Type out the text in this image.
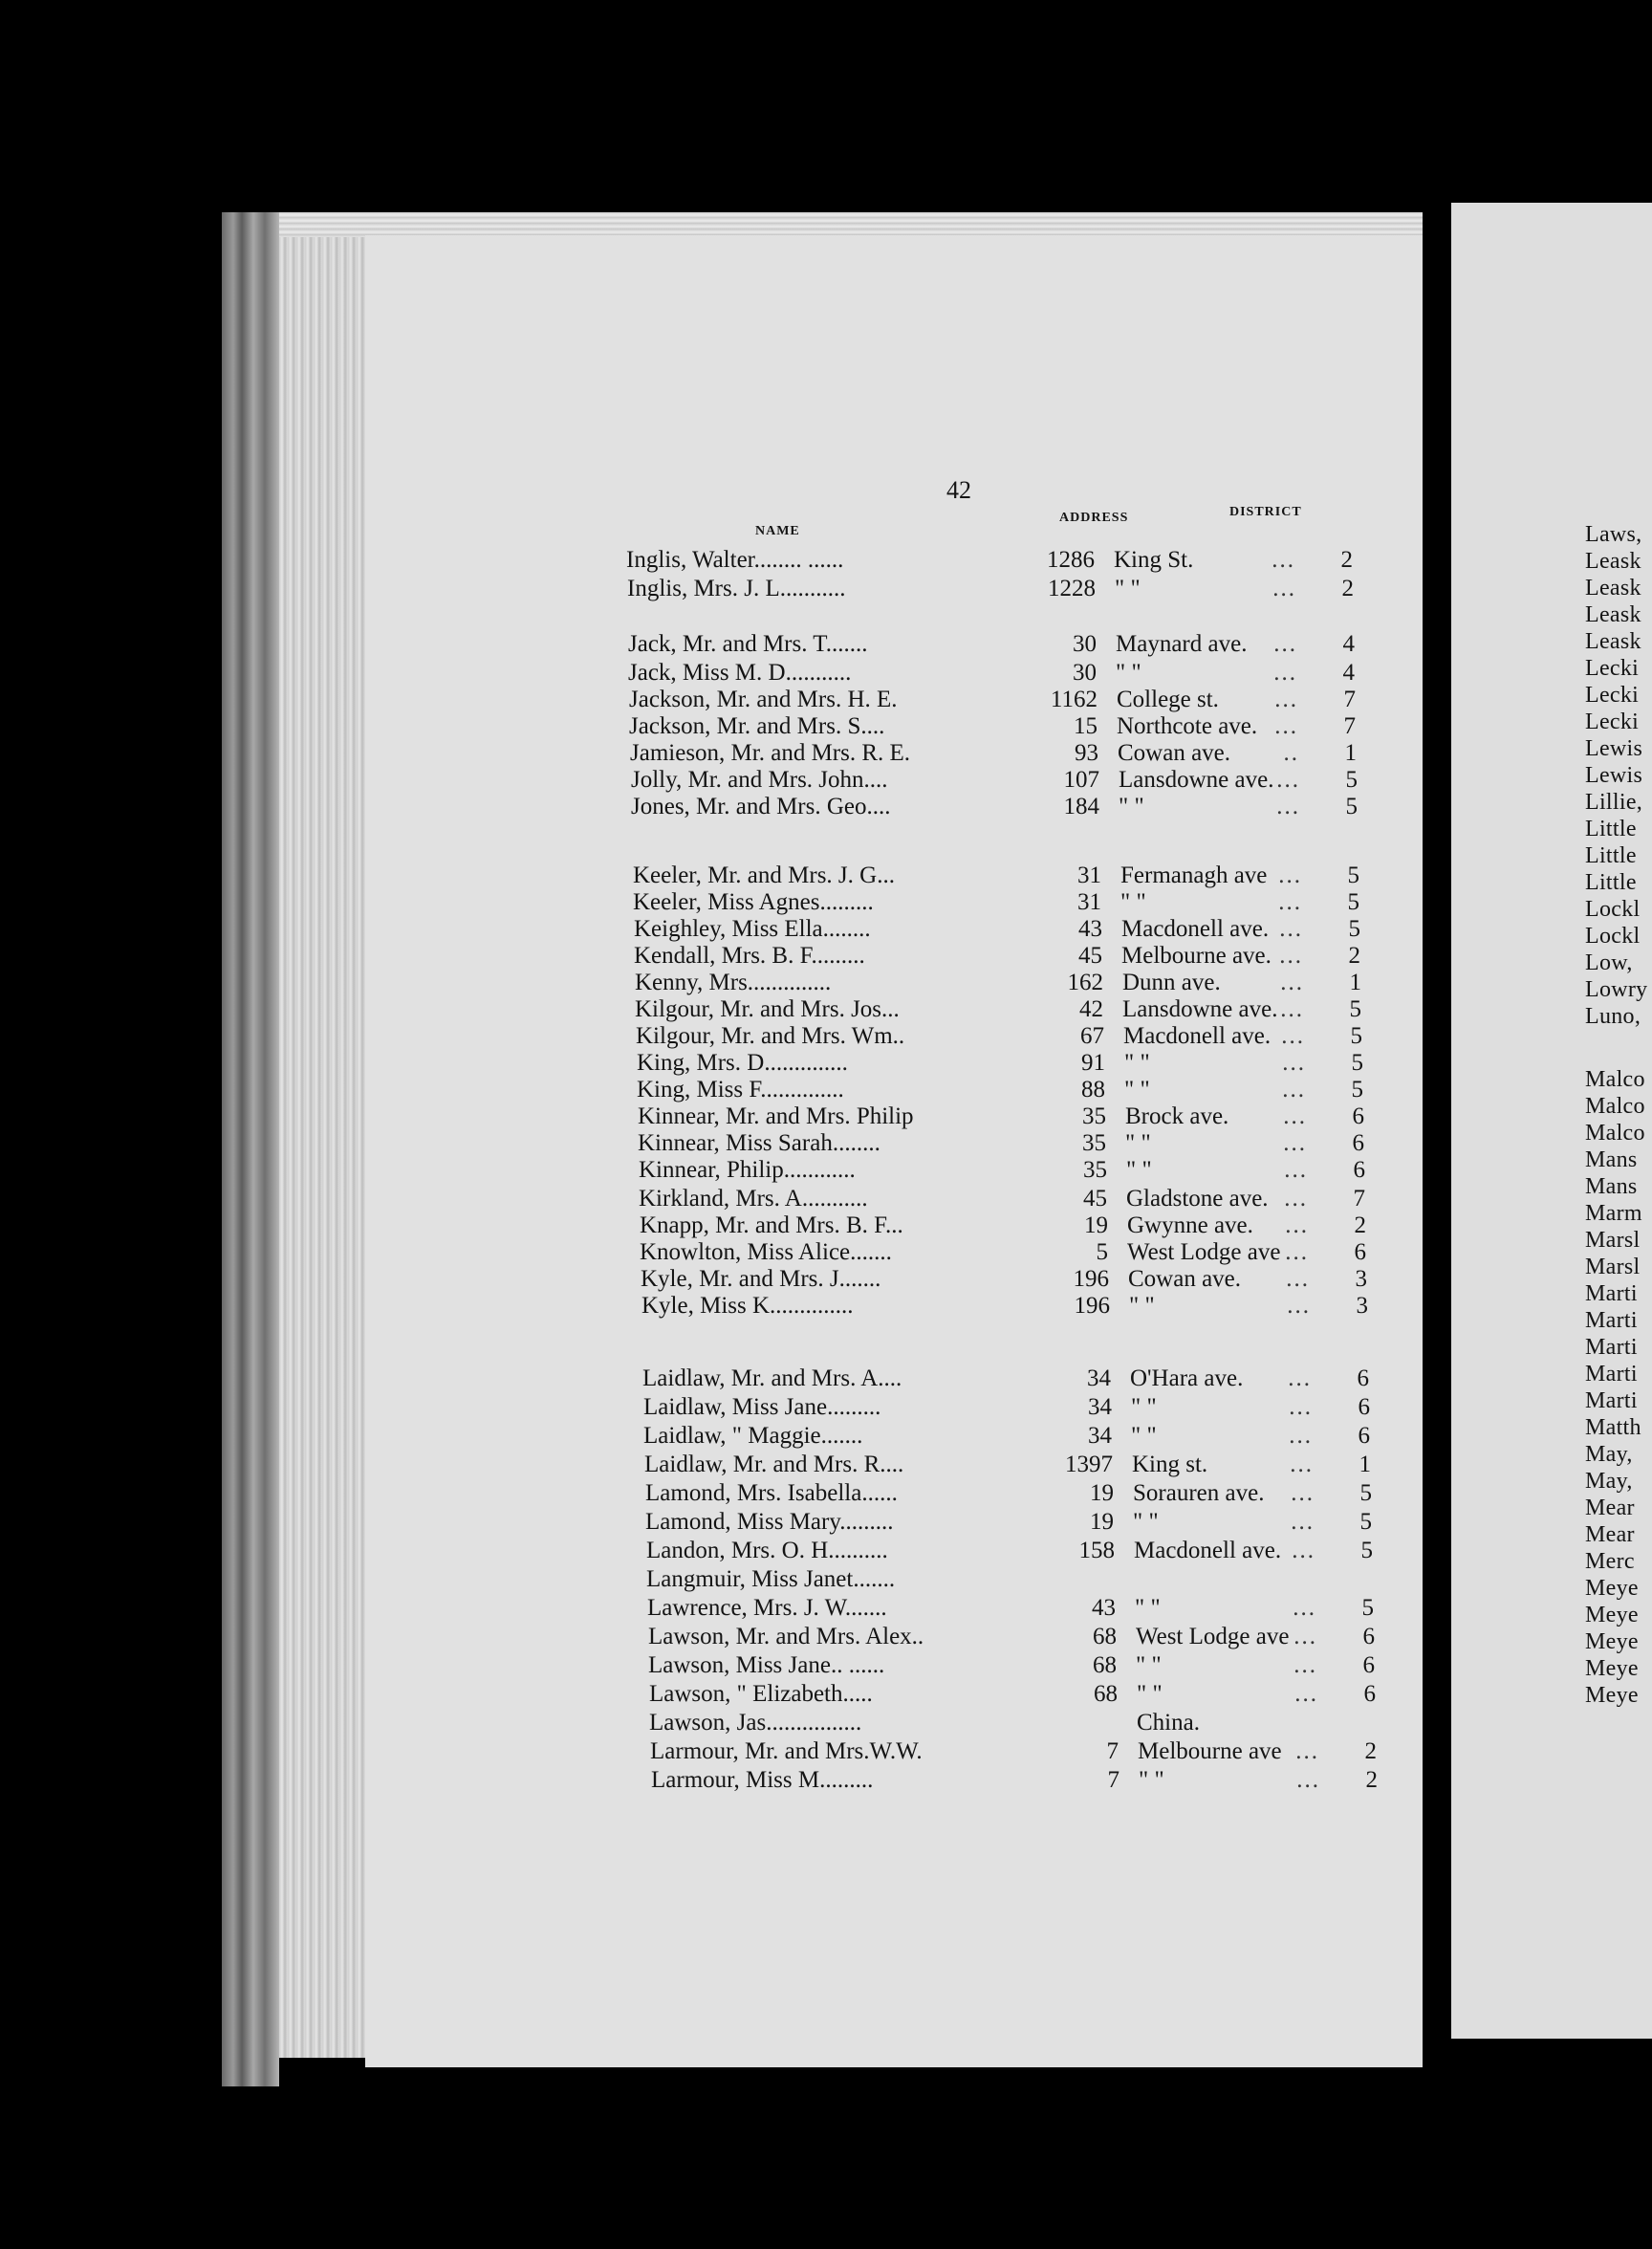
42
NAME
ADDRESS	DISTRICT
Inglis, Walter........ ......	1286 King St.	2
...
Inglis, Mrs. J. L...........	1228 " "	2
...
Jack, Mr. and Mrs. T.......	30 Maynard ave.	4
...
Jack, Miss M. D...........	30 " "	4
...
Jackson, Mr. and Mrs. H. E.	1162 College st.	7
...
Jackson, Mr. and Mrs. S....	15 Northcote ave.	7
...
Jamieson, Mr. and Mrs. R. E.	93 Cowan ave.	1
..
Jolly, Mr. and Mrs. John....	107 Lansdowne ave.	5
...
Jones, Mr. and Mrs. Geo....	184 " "	5
...
Keeler, Mr. and Mrs. J. G...	31 Fermanagh ave	5
...
Keeler, Miss Agnes.........	31 " "	5
...
Keighley, Miss Ella........	43 Macdonell ave.	5
...
Kendall, Mrs. B. F.........	45 Melbourne ave.	2
...
Kenny, Mrs..............	162 Dunn ave.	1
...
Kilgour, Mr. and Mrs. Jos...	42 Lansdowne ave.	5
...
Kilgour, Mr. and Mrs. Wm..	67 Macdonell ave.	5
...
King, Mrs. D..............	91 " "	5
...
King, Miss F..............	88 " "	5
...
Kinnear, Mr. and Mrs. Philip	35 Brock ave.	6
...
Kinnear, Miss Sarah........	35 " "	6
...
Kinnear, Philip............	35 " "	6
...
Kirkland, Mrs. A...........	45 Gladstone ave.	7
...
Knapp, Mr. and Mrs. B. F...	19 Gwynne ave.	2
...
Knowlton, Miss Alice.......	5 West Lodge ave	6
...
Kyle, Mr. and Mrs. J.......	196 Cowan ave.	3
...
Kyle, Miss K..............	196 " "	3
...
Laidlaw, Mr. and Mrs. A....	34 O'Hara ave.	6
...
Laidlaw, Miss Jane.........	34 " "	6
...
Laidlaw, " Maggie.......	34 " "	6
...
Laidlaw, Mr. and Mrs. R....	1397 King st.	1
...
Lamond, Mrs. Isabella......	19 Sorauren ave.	5
...
Lamond, Miss Mary.........	19 " "	5
...
Landon, Mrs. O. H..........	158 Macdonell ave.	5
...
Langmuir, Miss Janet.......
Lawrence, Mrs. J. W.......	43 " "	5
...
Lawson, Mr. and Mrs. Alex..	68 West Lodge ave	6
...
Lawson, Miss Jane.. ......	68 " "	6
...
Lawson, " Elizabeth.....	68 " "	6
...
Lawson, Jas................	China.
Larmour, Mr. and Mrs.W.W.	7 Melbourne ave	2
...
Larmour, Miss M.........	7 " "	2
...
Laws,
Leask
Leask
Leask
Leask
Lecki
Lecki
Lecki
Lewis
Lewis
Lillie,
Little
Little
Little
Lockl
Lockl
Low,
Lowry
Luno,
Malco
Malco
Malco
Mans
Mans
Marm
Marsl
Marsl
Marti
Marti
Marti
Marti
Marti
Matth
May,
May,
Mear
Mear
Merc
Meye
Meye
Meye
Meye
Meye
